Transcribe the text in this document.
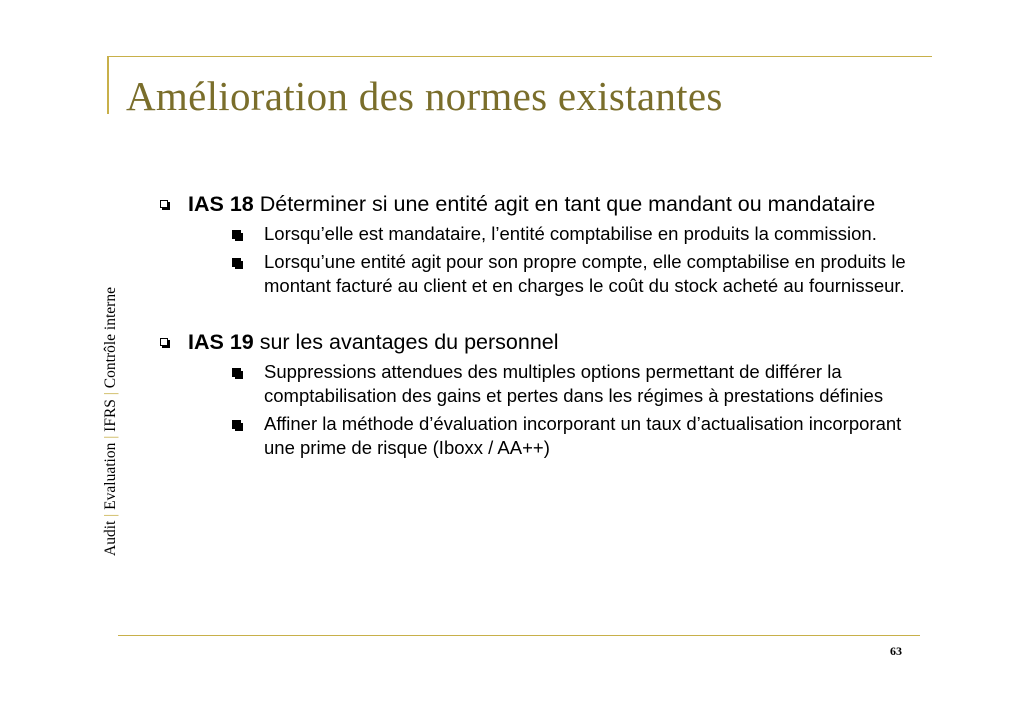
Amélioration des normes existantes
Audit | Evaluation | IFRS | Contrôle interne
IAS 18 Déterminer si une entité agit en tant que mandant ou mandataire
Lorsqu’elle est mandataire, l’entité comptabilise en produits la commission.
Lorsqu’une entité agit pour son propre compte, elle comptabilise en produits le montant facturé au client et en charges le coût du stock acheté au fournisseur.
IAS 19 sur les avantages du personnel
Suppressions attendues des multiples options permettant de différer la comptabilisation des gains et pertes dans les régimes à prestations définies
Affiner la méthode d’évaluation incorporant un taux d’actualisation incorporant une prime de risque (Iboxx / AA++)
63
